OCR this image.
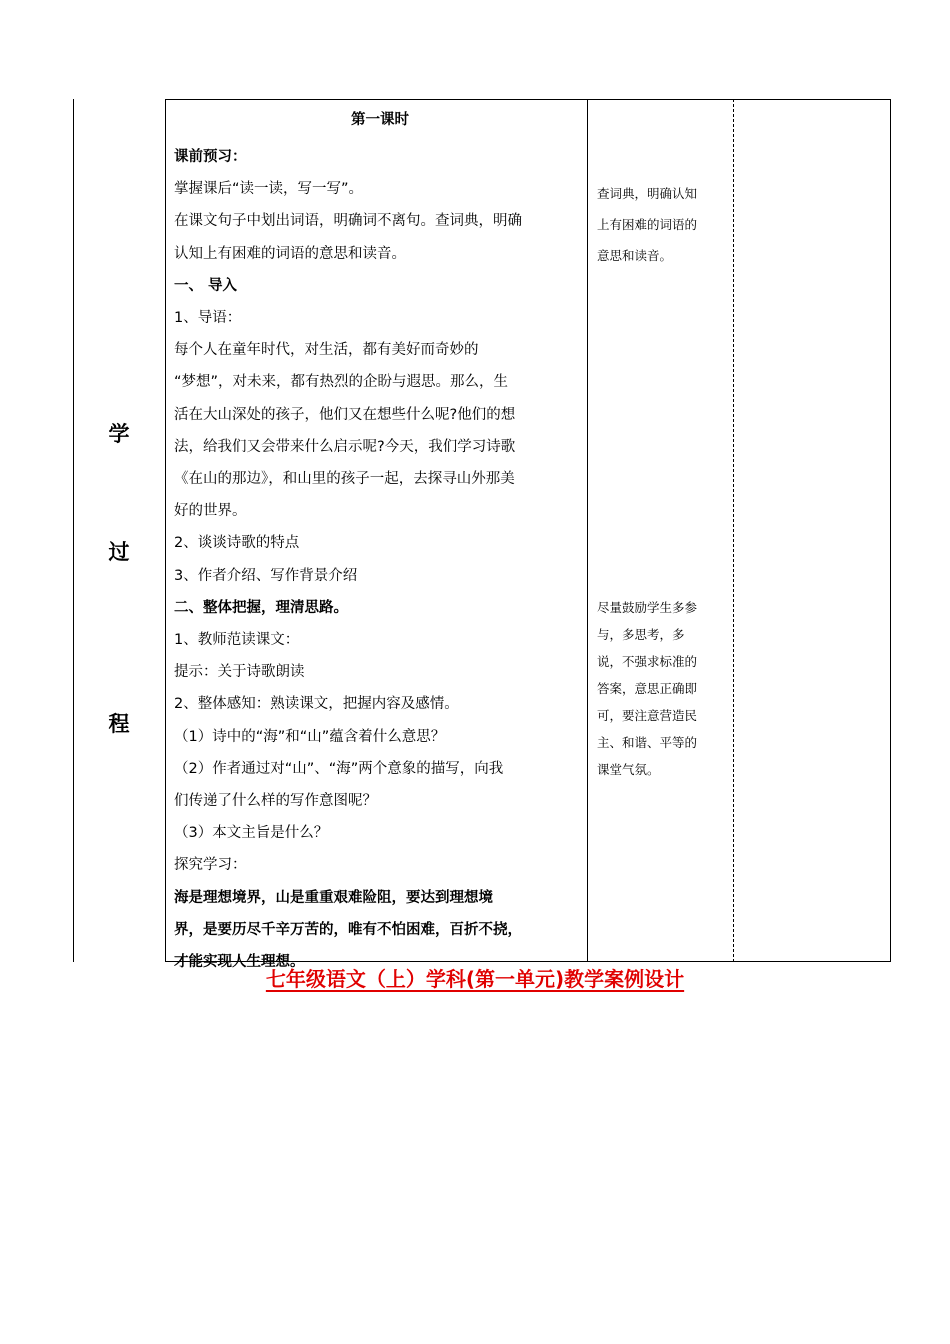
学
过
程
第一课时
课前预习：
掌握课后“读一读，写一写”。
在课文句子中划出词语，明确词不离句。查词典，明确
认知上有困难的词语的意思和读音。
一、 导入
1、导语：
每个人在童年时代，对生活，都有美好而奇妙的
“梦想”，对未来，都有热烈的企盼与遐思。那么，生
活在大山深处的孩子，他们又在想些什么呢?他们的想
法，给我们又会带来什么启示呢?今天，我们学习诗歌
《在山的那边》，和山里的孩子一起，去探寻山外那美
好的世界。
2、谈谈诗歌的特点
3、作者介绍、写作背景介绍
二、整体把握，理清思路。
1、教师范读课文：
提示：关于诗歌朗读
2、整体感知：熟读课文，把握内容及感情。
（1）诗中的“海”和“山”蕴含着什么意思？
（2）作者通过对“山”、“海”两个意象的描写，向我
们传递了什么样的写作意图呢？
（3）本文主旨是什么？
探究学习：
海是理想境界，山是重重艰难险阻，要达到理想境
界，是要历尽千辛万苦的，唯有不怕困难，百折不挠，
才能实现人生理想。
查词典，明确认知
上有困难的词语的
意思和读音。
尽量鼓励学生多参
与，多思考，多
说，不强求标准的
答案，意思正确即
可，要注意营造民
主、和谐、平等的
课堂气氛。
七年级语文（上）学科(第一单元)教学案例设计
